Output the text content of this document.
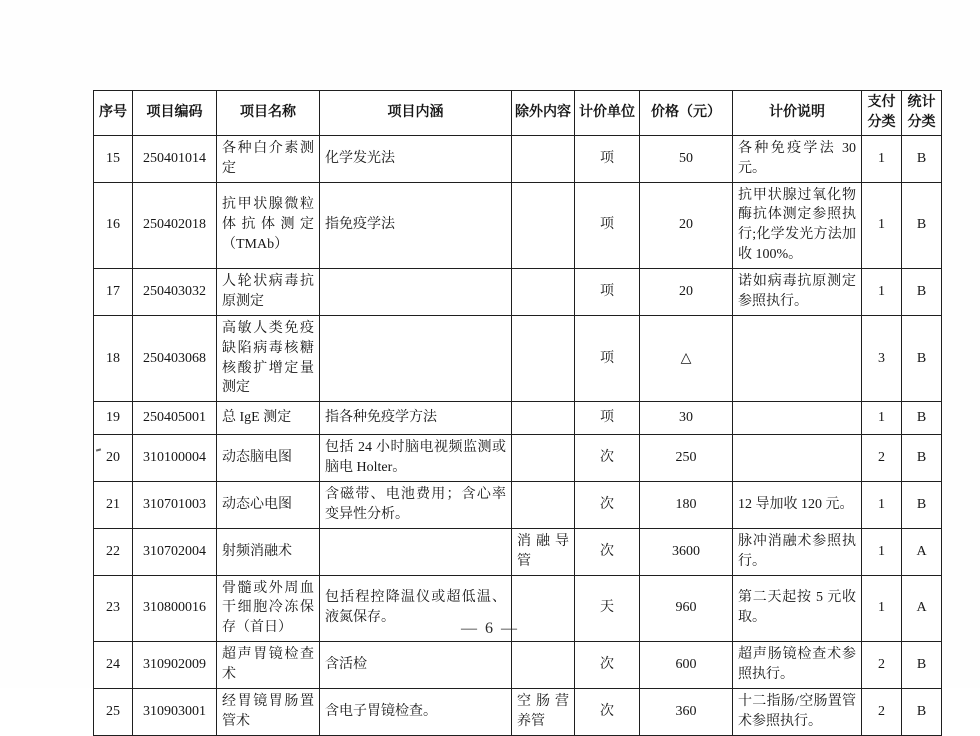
序号	项目编码	项目名称	项目内涵	除外内容	计价单位	价格（元）	计价说明	支付分类	统计分类
15	250401014	各种白介素测定	化学发光法		项	50	各种免疫学法 30 元。	1	B
16	250402018	抗甲状腺微粒体抗体测定（TMAb）	指免疫学法		项	20	抗甲状腺过氧化物酶抗体测定参照执行;化学发光方法加收 100%。	1	B
17	250403032	人轮状病毒抗原测定			项	20	诺如病毒抗原测定参照执行。	1	B
18	250403068	高敏人类免疫缺陷病毒核糖核酸扩增定量测定			项	△		3	B
19	250405001	总 IgE 测定	指各种免疫学方法		项	30		1	B
20	310100004	动态脑电图	包括 24 小时脑电视频监测或脑电 Holter。		次	250		2	B
21	310701003	动态心电图	含磁带、电池费用；含心率变异性分析。		次	180	12 导加收 120 元。	1	B
22	310702004	射频消融术		消融导管	次	3600	脉冲消融术参照执行。	1	A
23	310800016	骨髓或外周血干细胞冷冻保存（首日）	包括程控降温仪或超低温、液氮保存。		天	960	第二天起按 5 元收取。	1	A
24	310902009	超声胃镜检查术	含活检		次	600	超声肠镜检查术参照执行。	2	B
25	310903001	经胃镜胃肠置管术	含电子胃镜检查。	空肠营养管	次	360	十二指肠/空肠置管术参照执行。	2	B
— 6 —
